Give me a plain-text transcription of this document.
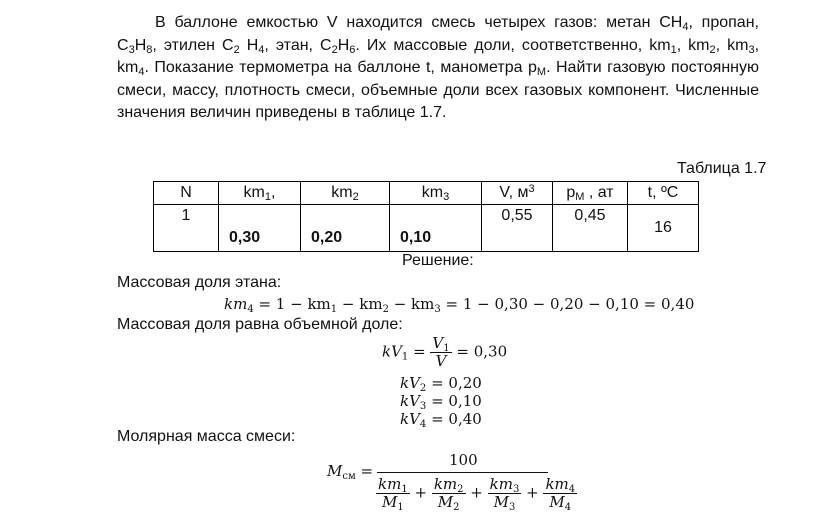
В баллоне емкостью V находится смесь четырех газов: метан $CH_4$, пропан, $C_3H_8$, этилен $C_2$ $H_4$, этан, $C_2H_6$. Их массовые доли, соответственно, $km_1$, $km_2$, $km_3$, $km_4$. Показание термометра на баллоне t, манометра $p_M$. Найти газовую постоянную смеси, массу, плотность смеси, объемные доли всех газовых компонент. Численные значения величин приведены в таблице 1.7.
Таблица 1.7
N	$km_1$,	$km_2$	$km_3$	V, $м^3$	$p_M$ , ат	t, ºC
1	0,30	0,20	0,10	0,55	0,45	16
Решение:
Массовая доля этана:
$km_4 = 1 - km_1 - km_2 - km_3 = 1 - 0,30 - 0,20 - 0,10 = 0,40$
Массовая доля равна объемной доле:
$kV_1 = \frac{V_1}{V} = 0,30$
$kV_2 = 0,20$
$kV_3 = 0,10$
$kV_4 = 0,40$
Молярная масса смеси:
$M_{см}$ =
100
$\frac{km_1}{M_1} + \frac{km_2}{M_2} + \frac{km_3}{M_3} + \frac{km_4}{M_4}$
